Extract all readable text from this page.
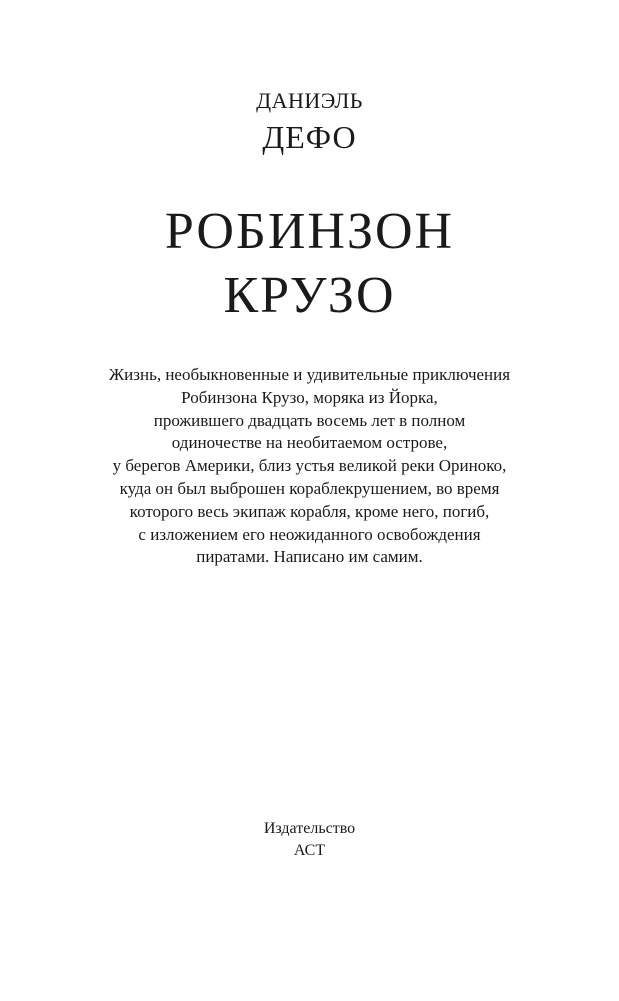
ДАНИЭЛЬ
ДЕФО
РОБИНЗОН
КРУЗО
Жизнь, необыкновенные и удивительные приключения
Робинзона Крузо, моряка из Йорка,
прожившего двадцать восемь лет в полном
одиночестве на необитаемом острове,
у берегов Америки, близ устья великой реки Ориноко,
куда он был выброшен кораблекрушением, во время
которого весь экипаж корабля, кроме него, погиб,
с изложением его неожиданного освобождения
пиратами. Написано им самим.
Издательство
АСТ
